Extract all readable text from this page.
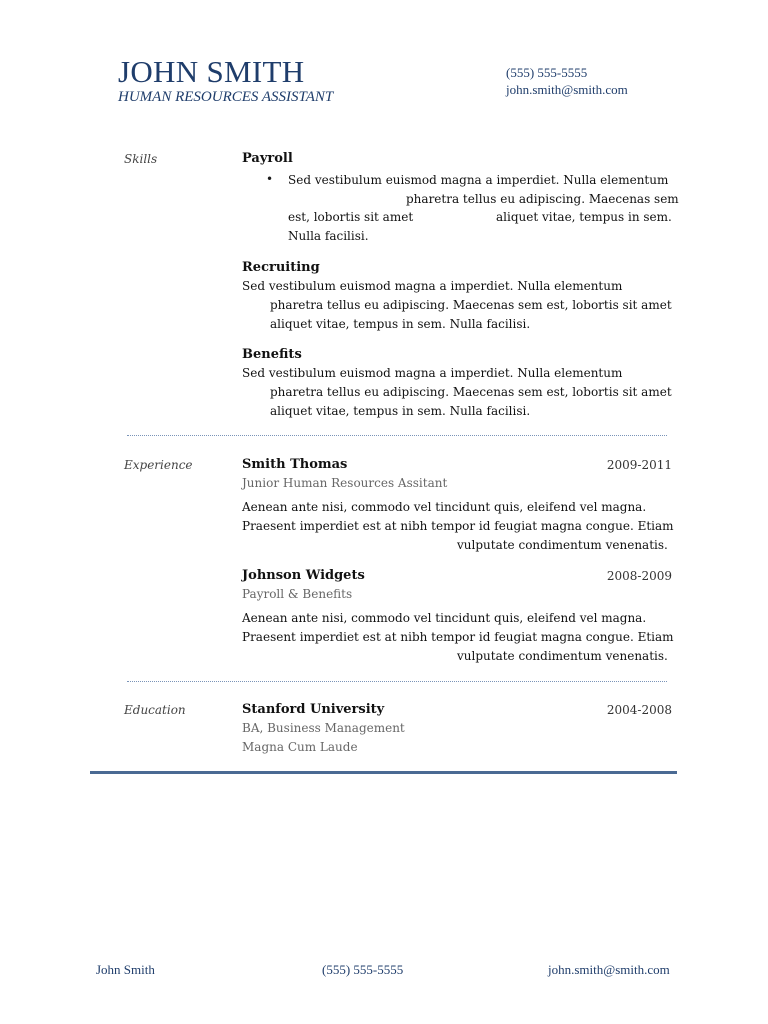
JOHN SMITH
HUMAN RESOURCES ASSISTANT
(555) 555-5555
john.smith@smith.com
Skills	Payroll
• Sed vestibulum euismod magna a imperdiet. Nulla elementum
pharetra tellus eu adipiscing. Maecenas sem
est, lobortis sit amet	aliquet vitae, tempus in sem.
Nulla facilisi.
Recruiting
Sed vestibulum euismod magna a imperdiet. Nulla elementum
pharetra tellus eu adipiscing. Maecenas sem est, lobortis sit amet
aliquet vitae, tempus in sem. Nulla facilisi.
Benefits
Sed vestibulum euismod magna a imperdiet. Nulla elementum
pharetra tellus eu adipiscing. Maecenas sem est, lobortis sit amet
aliquet vitae, tempus in sem. Nulla facilisi.
Experience	Smith Thomas	2009-2011
Junior Human Resources Assitant
Aenean ante nisi, commodo vel tincidunt quis, eleifend vel magna.
Praesent imperdiet est at nibh tempor id feugiat magna congue. Etiam
vulputate condimentum venenatis.
Johnson Widgets	2008-2009
Payroll & Benefits
Aenean ante nisi, commodo vel tincidunt quis, eleifend vel magna.
Praesent imperdiet est at nibh tempor id feugiat magna congue. Etiam
vulputate condimentum venenatis.
Education	Stanford University	2004-2008
BA, Business Management
Magna Cum Laude
John Smith	(555) 555-5555	john.smith@smith.com
